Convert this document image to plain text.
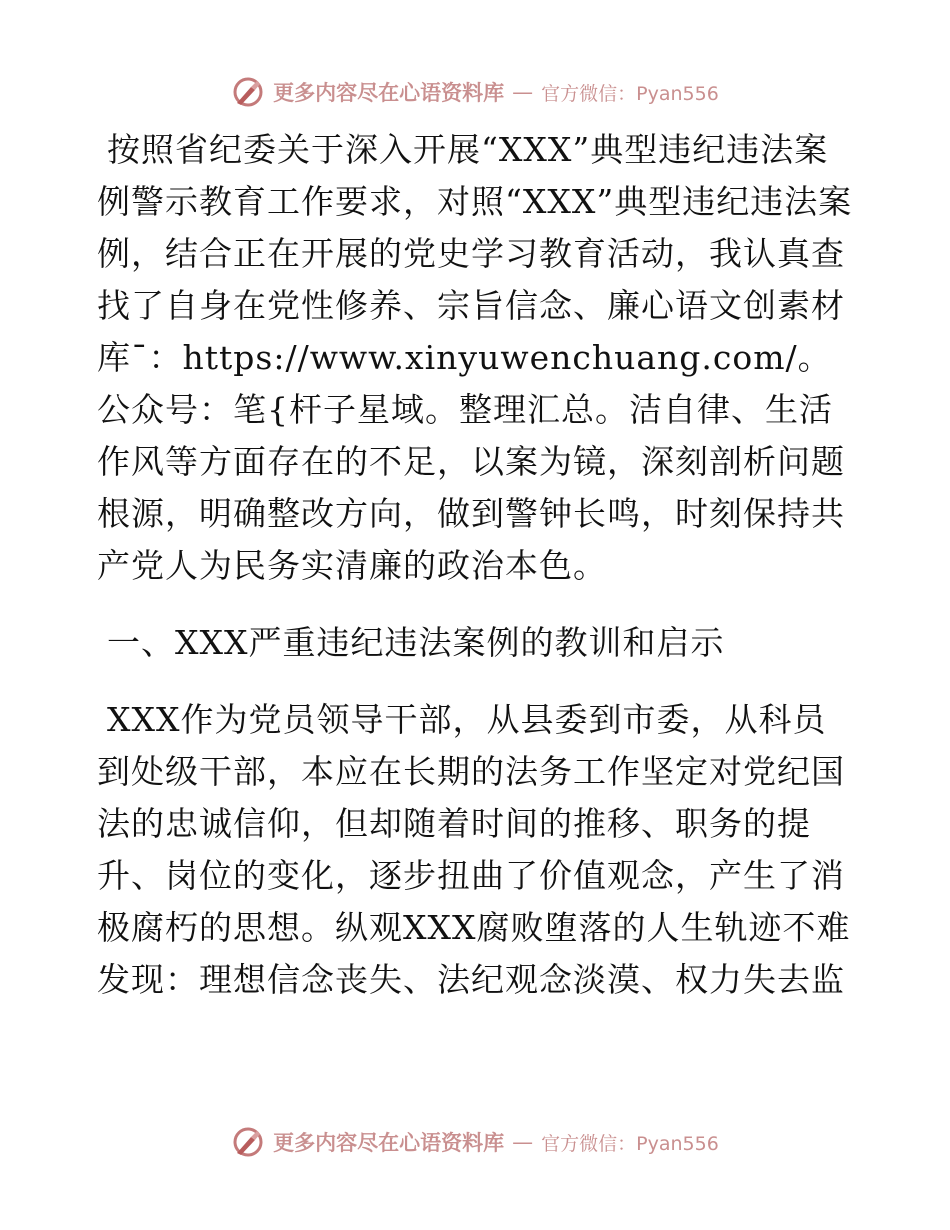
更多内容尽在心语资料库 — 官方微信：Pyan556

按照省纪委关于深入开展“XXX”典型违纪违法案例警示教育工作要求，对照“XXX”典型违纪违法案例，结合正在开展的党史学习教育活动，我认真查找了自身在党性修养、宗旨信念、廉心语文创素材库¯：https://www.xinyuwenchuang.com/。公众号：笔{杆子星域。整理汇总。洁自律、生活作风等方面存在的不足，以案为镜，深刻剖析问题根源，明确整改方向，做到警钟长鸣，时刻保持共产党人为民务实清廉的政治本色。

一、XXX严重违纪违法案例的教训和启示

XXX作为党员领导干部，从县委到市委，从科员到处级干部，本应在长期的法务工作坚定对党纪国法的忠诚信仰，但却随着时间的推移、职务的提升、岗位的变化，逐步扭曲了价值观念，产生了消极腐朽的思想。纵观XXX腐败堕落的人生轨迹不难发现：理想信念丧失、法纪观念淡漠、权力失去监

更多内容尽在心语资料库 — 官方微信：Pyan556
